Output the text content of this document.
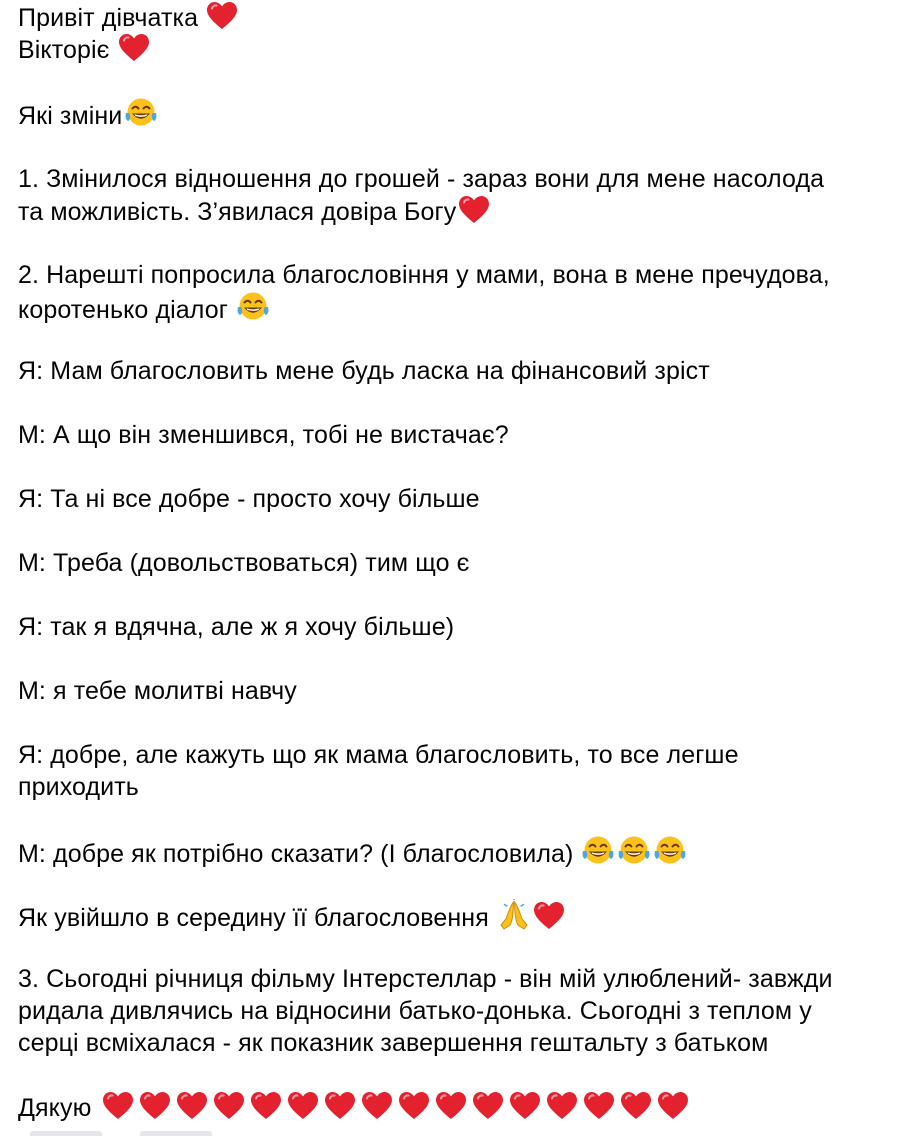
Привіт дівчатка
Вікторіє
Які зміни
1. Змінилося відношення до грошей - зараз вони для мене насолода
та можливість. З’явилася довіра Богу
2. Нарешті попросила благословіння у мами, вона в мене пречудова,
коротенько діалог
Я: Мам благословить мене будь ласка на фінансовий зріст
М: А що він зменшився, тобі не вистачає?
Я: Та ні все добре - просто хочу більше
М: Треба (довольствоваться) тим що є
Я: так я вдячна, але ж я хочу більше)
М: я тебе молитві навчу
Я: добре, але кажуть що як мама благословить, то все легше
приходить
М: добре як потрібно сказати? (І благословила)
Як увійшло в середину її благословення
3. Сьогодні річниця фільму Інтерстеллар - він мій улюблений- завжди
ридала дивлячись на відносини батько-донька. Сьогодні з теплом у
серці всміхалася - як показник завершення гештальту з батьком
Дякую
